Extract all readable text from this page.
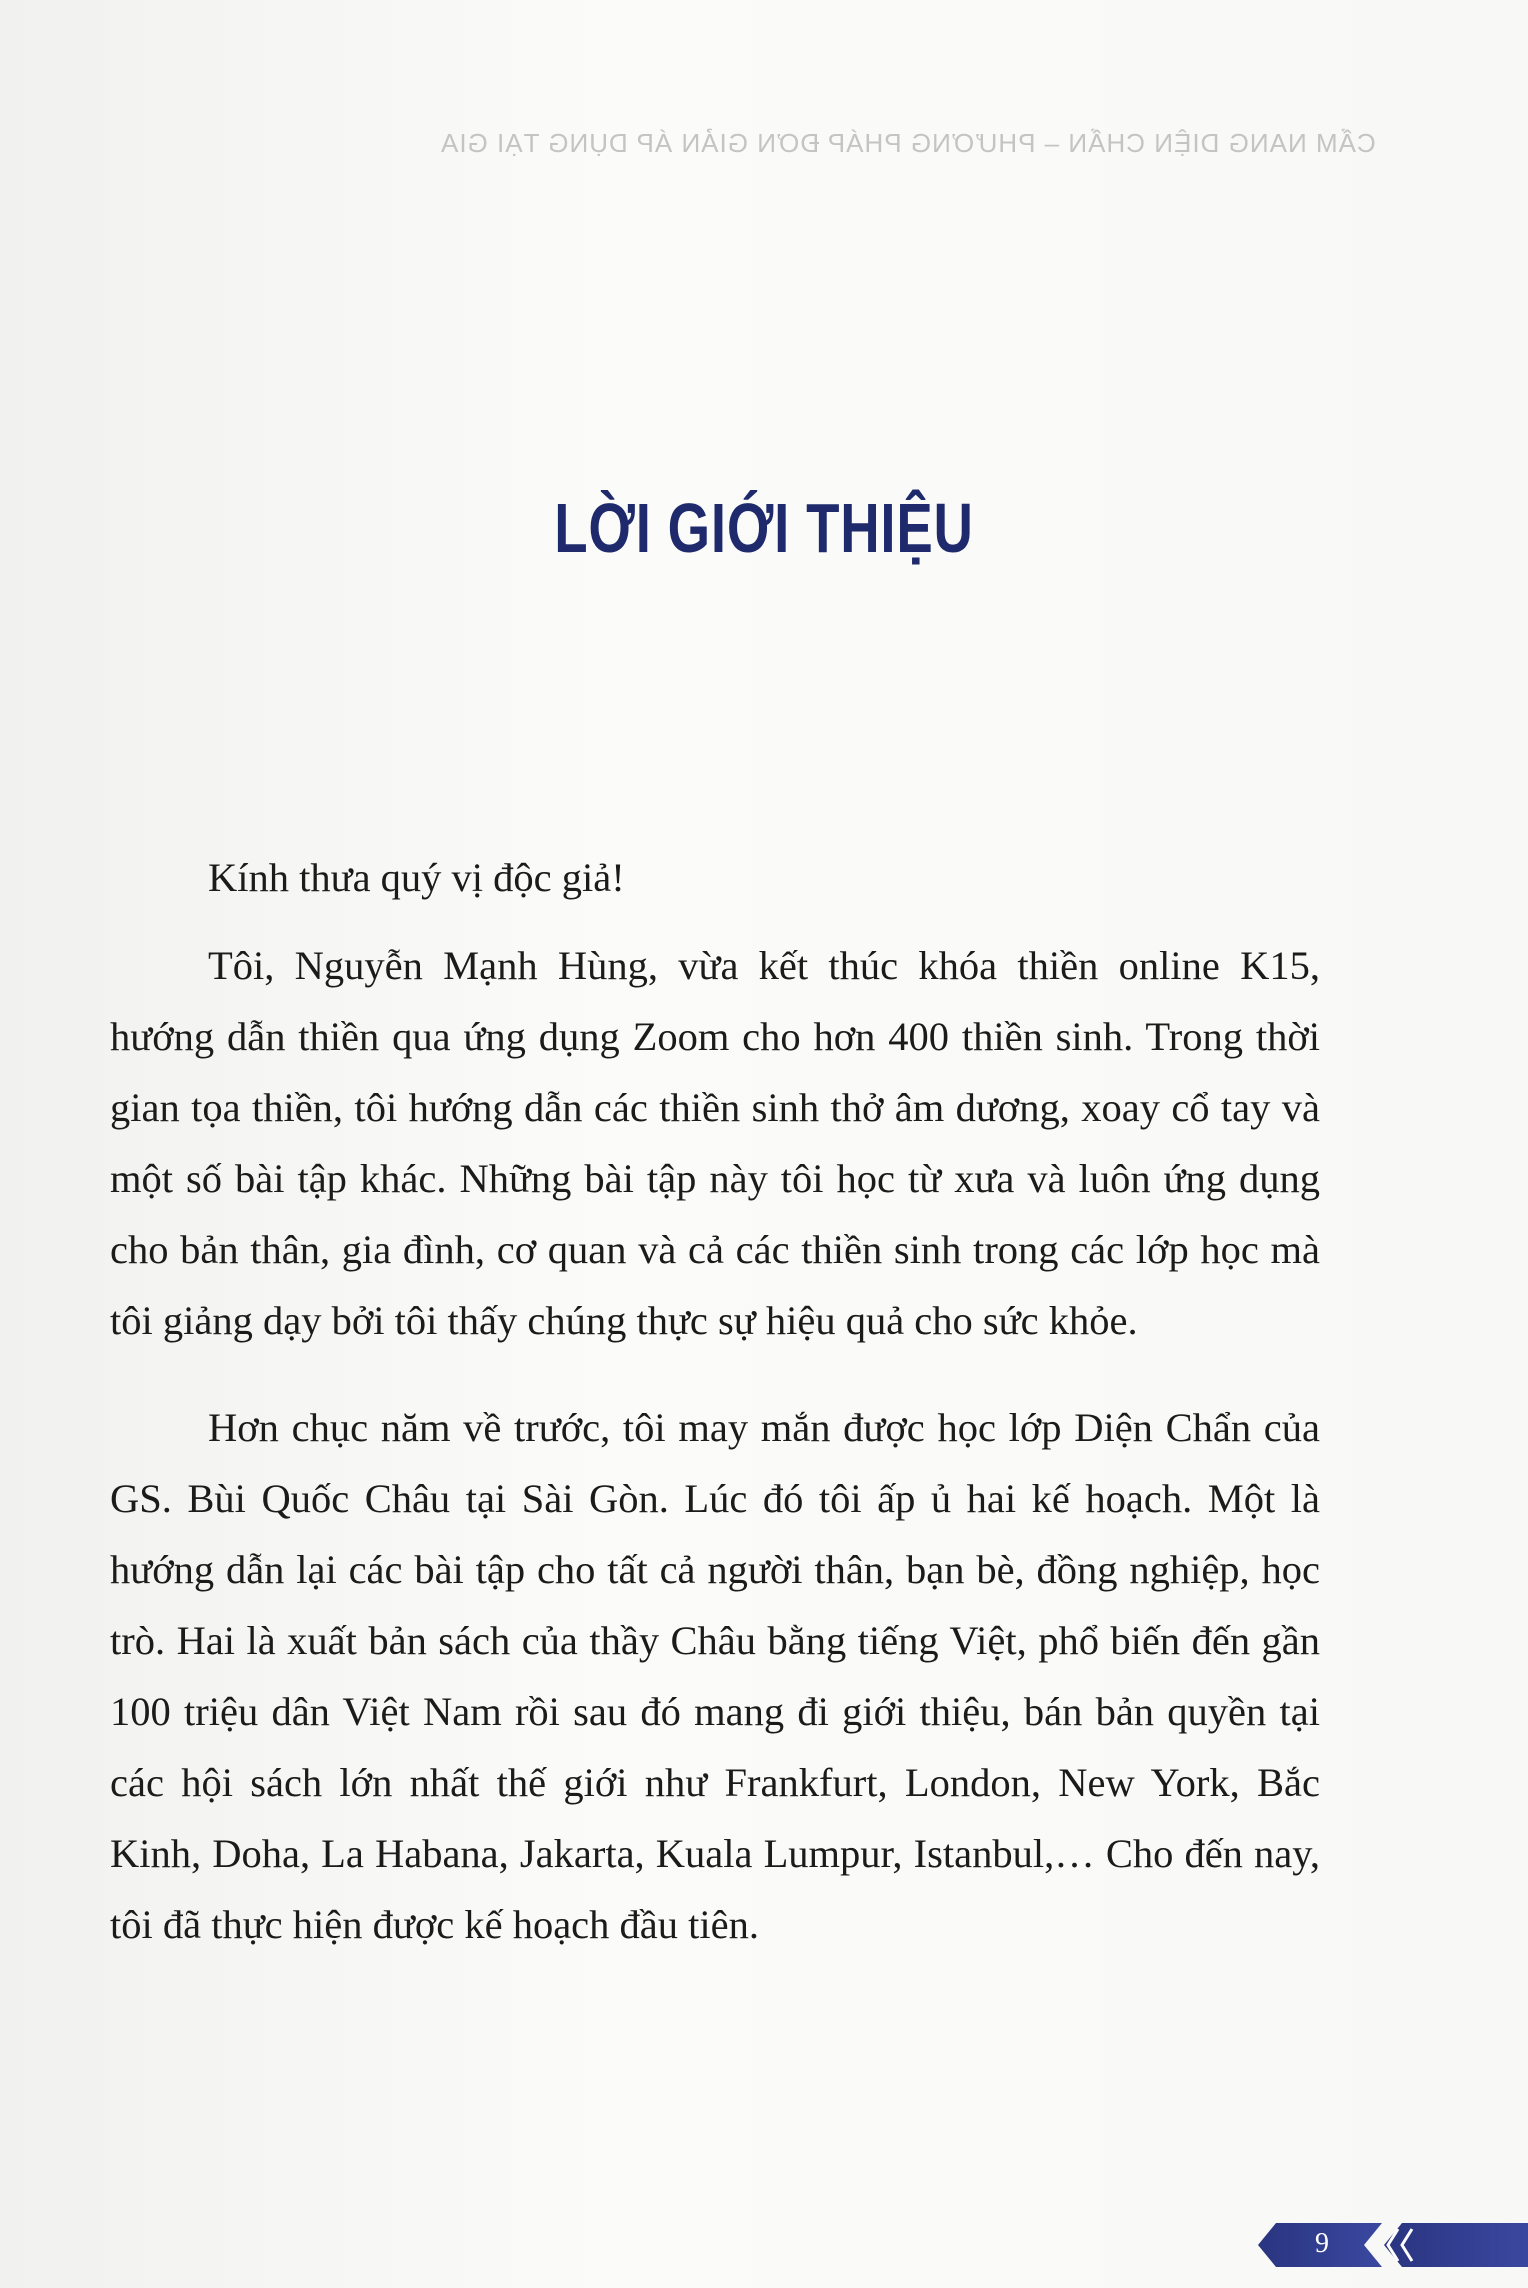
CẨM NANG DIỆN CHẨN – PHƯƠNG PHÁP ĐƠN GIẢN ÁP DỤNG TẠI GIA
LỜI GIỚI THIỆU

Kính thưa quý vị độc giả!

Tôi, Nguyễn Mạnh Hùng, vừa kết thúc khóa thiền online K15, hướng dẫn thiền qua ứng dụng Zoom cho hơn 400 thiền sinh. Trong thời gian tọa thiền, tôi hướng dẫn các thiền sinh thở âm dương, xoay cổ tay và một số bài tập khác. Những bài tập này tôi học từ xưa và luôn ứng dụng cho bản thân, gia đình, cơ quan và cả các thiền sinh trong các lớp học mà tôi giảng dạy bởi tôi thấy chúng thực sự hiệu quả cho sức khỏe.

Hơn chục năm về trước, tôi may mắn được học lớp Diện Chẩn của GS. Bùi Quốc Châu tại Sài Gòn. Lúc đó tôi ấp ủ hai kế hoạch. Một là hướng dẫn lại các bài tập cho tất cả người thân, bạn bè, đồng nghiệp, học trò. Hai là xuất bản sách của thầy Châu bằng tiếng Việt, phổ biến đến gần 100 triệu dân Việt Nam rồi sau đó mang đi giới thiệu, bán bản quyền tại các hội sách lớn nhất thế giới như Frankfurt, London, New York, Bắc Kinh, Doha, La Habana, Jakarta, Kuala Lumpur, Istanbul,… Cho đến nay, tôi đã thực hiện được kế hoạch đầu tiên.

9
